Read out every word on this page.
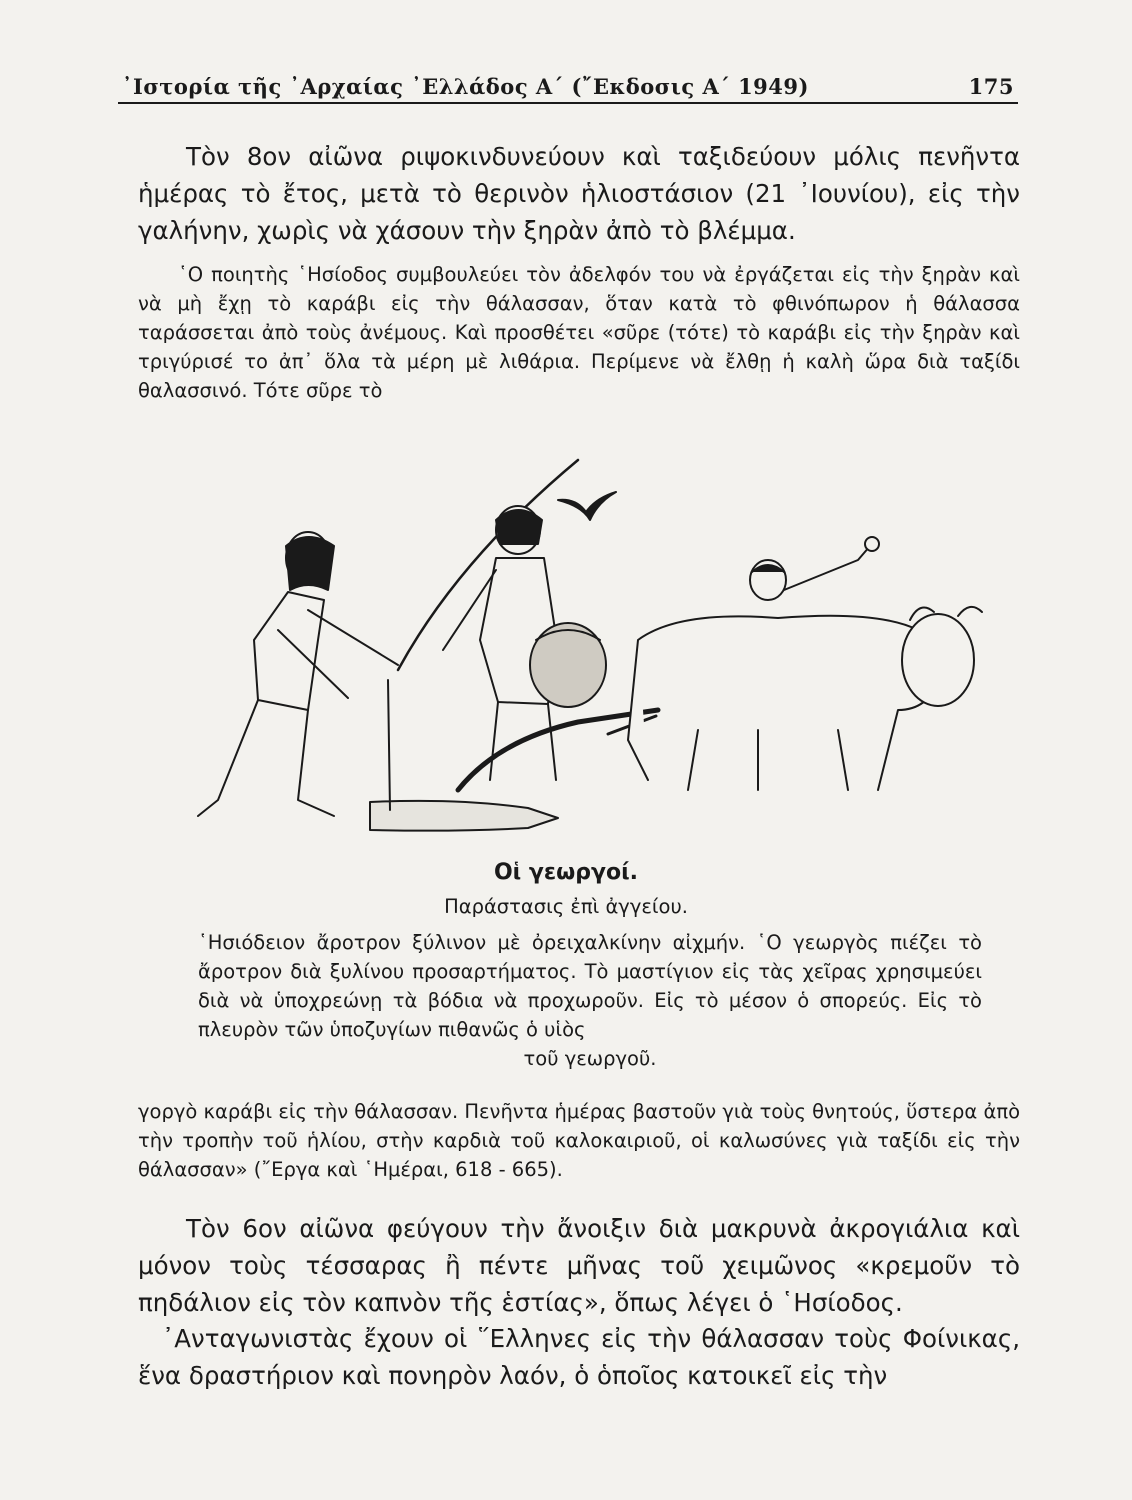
᾿Ιστορία τῆς ᾿Αρχαίας ᾿Ελλάδος Α΄ (῎Εκδοσις Α΄ 1949)	175

Τὸν 8ον αἰῶνα ριψοκινδυνεύουν καὶ ταξιδεύουν μόλις πενῆντα ἡμέρας τὸ ἔτος, μετὰ τὸ θερινὸν ἡλιοστάσιον (21 ᾿Ιουνίου), εἰς τὴν γαλήνην, χωρὶς νὰ χάσουν τὴν ξηρὰν ἀπὸ τὸ βλέμμα.

῾Ο ποιητὴς ῾Ησίοδος συμβουλεύει τὸν ἀδελφόν του νὰ ἐργάζεται εἰς τὴν ξηρὰν καὶ νὰ μὴ ἔχῃ τὸ καράβι εἰς τὴν θάλασσαν, ὅταν κατὰ τὸ φθινόπωρον ἡ θάλασσα ταράσσεται ἀπὸ τοὺς ἀνέμους. Καὶ προσθέτει «σῦρε (τότε) τὸ καράβι εἰς τὴν ξηρὰν καὶ τριγύρισέ το ἀπ᾿ ὅλα τὰ μέρη μὲ λιθάρια. Περίμενε νὰ ἔλθῃ ἡ καλὴ ὥρα διὰ ταξίδι θαλασσινό. Τότε σῦρε τὸ

Οἱ γεωργοί.
Παράστασις ἐπὶ ἀγγείου.

῾Ησιόδειον ἄροτρον ξύλινον μὲ ὀρειχαλκίνην αἰχμήν. ῾Ο γεωργὸς πιέζει τὸ ἄροτρον διὰ ξυλίνου προσαρτήματος. Τὸ μαστίγιον εἰς τὰς χεῖρας χρησιμεύει διὰ νὰ ὑποχρεώνῃ τὰ βόδια νὰ προχωροῦν. Εἰς τὸ μέσον ὁ σπορεύς. Εἰς τὸ πλευρὸν τῶν ὑποζυγίων πιθανῶς ὁ υἱὸς
τοῦ γεωργοῦ.

γοργὸ καράβι εἰς τὴν θάλασσαν. Πενῆντα ἡμέρας βαστοῦν γιὰ τοὺς θνητούς, ὕστερα ἀπὸ τὴν τροπὴν τοῦ ἡλίου, στὴν καρδιὰ τοῦ καλοκαιριοῦ, οἱ καλωσύνες γιὰ ταξίδι εἰς τὴν θάλασσαν» (῎Εργα καὶ ῾Ημέραι, 618 - 665).

Τὸν 6ον αἰῶνα φεύγουν τὴν ἄνοιξιν διὰ μακρυνὰ ἀκρογιάλια καὶ μόνον τοὺς τέσσαρας ἢ πέντε μῆνας τοῦ χειμῶνος «κρεμοῦν τὸ πηδάλιον εἰς τὸν καπνὸν τῆς ἑστίας», ὅπως λέγει ὁ ῾Ησίοδος.

᾿Ανταγωνιστὰς ἔχουν οἱ ῞Ελληνες εἰς τὴν θάλασσαν τοὺς Φοίνικας, ἕνα δραστήριον καὶ πονηρὸν λαόν, ὁ ὁποῖος κατοικεῖ εἰς τὴν
